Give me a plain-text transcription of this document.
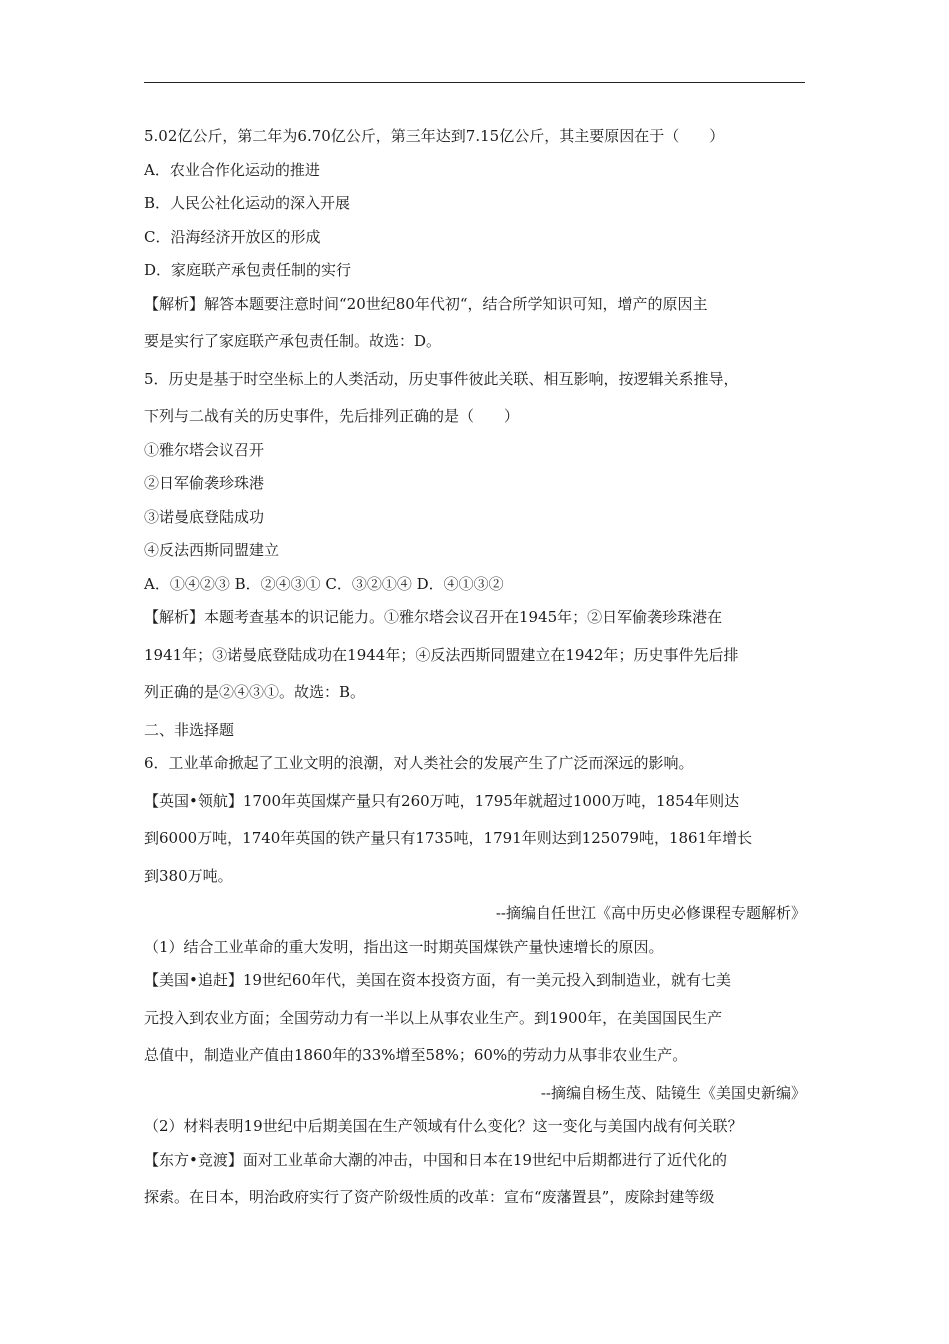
5.02亿公斤，第二年为6.70亿公斤，第三年达到7.15亿公斤，其主要原因在于（　　）
A．农业合作化运动的推进
B．人民公社化运动的深入开展
C．沿海经济开放区的形成
D．家庭联产承包责任制的实行
【解析】解答本题要注意时间“20世纪80年代初“，结合所学知识可知，增产的原因主
要是实行了家庭联产承包责任制。故选：D。
5．历史是基于时空坐标上的人类活动，历史事件彼此关联、相互影响，按逻辑关系推导，
下列与二战有关的历史事件，先后排列正确的是（　　）
①雅尔塔会议召开
②日军偷袭珍珠港
③诺曼底登陆成功
④反法西斯同盟建立
A．①④②③ B．②④③① C．③②①④ D．④①③②
【解析】本题考查基本的识记能力。①雅尔塔会议召开在1945年；②日军偷袭珍珠港在
1941年；③诺曼底登陆成功在1944年；④反法西斯同盟建立在1942年；历史事件先后排
列正确的是②④③①。故选：B。
二、非选择题
6．工业革命掀起了工业文明的浪潮，对人类社会的发展产生了广泛而深远的影响。
【英国•领航】1700年英国煤产量只有260万吨，1795年就超过1000万吨，1854年则达
到6000万吨，1740年英国的铁产量只有1735吨，1791年则达到125079吨，1861年增长
到380万吨。
--摘编自任世江《高中历史必修课程专题解析》
（1）结合工业革命的重大发明，指出这一时期英国煤铁产量快速增长的原因。
【美国•追赶】19世纪60年代，美国在资本投资方面，有一美元投入到制造业，就有七美
元投入到农业方面；全国劳动力有一半以上从事农业生产。到1900年，在美国国民生产
总值中，制造业产值由1860年的33%增至58%；60%的劳动力从事非农业生产。
--摘编自杨生茂、陆镜生《美国史新编》
（2）材料表明19世纪中后期美国在生产领域有什么变化？这一变化与美国内战有何关联？
【东方•竞渡】面对工业革命大潮的冲击，中国和日本在19世纪中后期都进行了近代化的
探索。在日本，明治政府实行了资产阶级性质的改革：宣布“废藩置县”，废除封建等级
